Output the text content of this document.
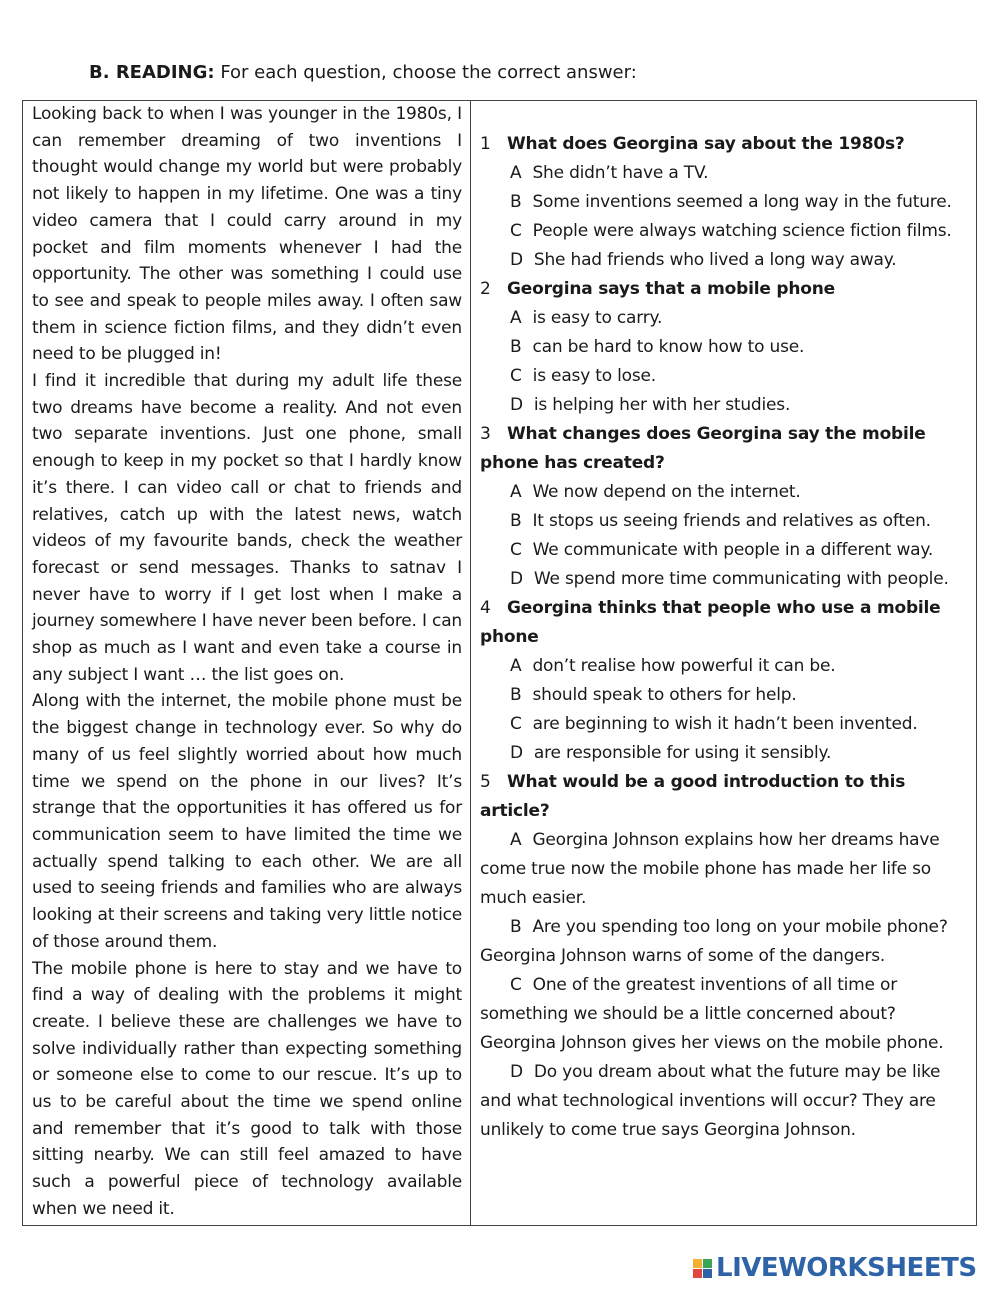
B. READING: For each question, choose the correct answer:

Looking back to when I was younger in the 1980s, I can remember dreaming of two inventions I thought would change my world but were probably not likely to happen in my lifetime. One was a tiny video camera that I could carry around in my pocket and film moments whenever I had the opportunity. The other was something I could use to see and speak to people miles away. I often saw them in science fiction films, and they didn’t even need to be plugged in!

I find it incredible that during my adult life these two dreams have become a reality. And not even two separate inventions. Just one phone, small enough to keep in my pocket so that I hardly know it’s there. I can video call or chat to friends and relatives, catch up with the latest news, watch videos of my favourite bands, check the weather forecast or send messages. Thanks to satnav I never have to worry if I get lost when I make a journey somewhere I have never been before. I can shop as much as I want and even take a course in any subject I want … the list goes on.

Along with the internet, the mobile phone must be the biggest change in technology ever. So why do many of us feel slightly worried about how much time we spend on the phone in our lives? It’s strange that the opportunities it has offered us for communication seem to have limited the time we actually spend talking to each other. We are all used to seeing friends and families who are always looking at their screens and taking very little notice of those around them.

The mobile phone is here to stay and we have to find a way of dealing with the problems it might create. I believe these are challenges we have to solve individually rather than expecting something or someone else to come to our rescue. It’s up to us to be careful about the time we spend online and remember that it’s good to talk with those sitting nearby. We can still feel amazed to have such a powerful piece of technology available when we need it.

1 What does Georgina say about the 1980s?
A She didn’t have a TV.
B Some inventions seemed a long way in the future.
C People were always watching science fiction films.
D She had friends who lived a long way away.
2 Georgina says that a mobile phone
A is easy to carry.
B can be hard to know how to use.
C is easy to lose.
D is helping her with her studies.
3 What changes does Georgina say the mobile phone has created?
A We now depend on the internet.
B It stops us seeing friends and relatives as often.
C We communicate with people in a different way.
D We spend more time communicating with people.
4 Georgina thinks that people who use a mobile phone
A don’t realise how powerful it can be.
B should speak to others for help.
C are beginning to wish it hadn’t been invented.
D are responsible for using it sensibly.
5 What would be a good introduction to this article?
A Georgina Johnson explains how her dreams have come true now the mobile phone has made her life so much easier.
B Are you spending too long on your mobile phone? Georgina Johnson warns of some of the dangers.
C One of the greatest inventions of all time or something we should be a little concerned about? Georgina Johnson gives her views on the mobile phone.
D Do you dream about what the future may be like and what technological inventions will occur? They are unlikely to come true says Georgina Johnson.
LIVEWORKSHEETS
